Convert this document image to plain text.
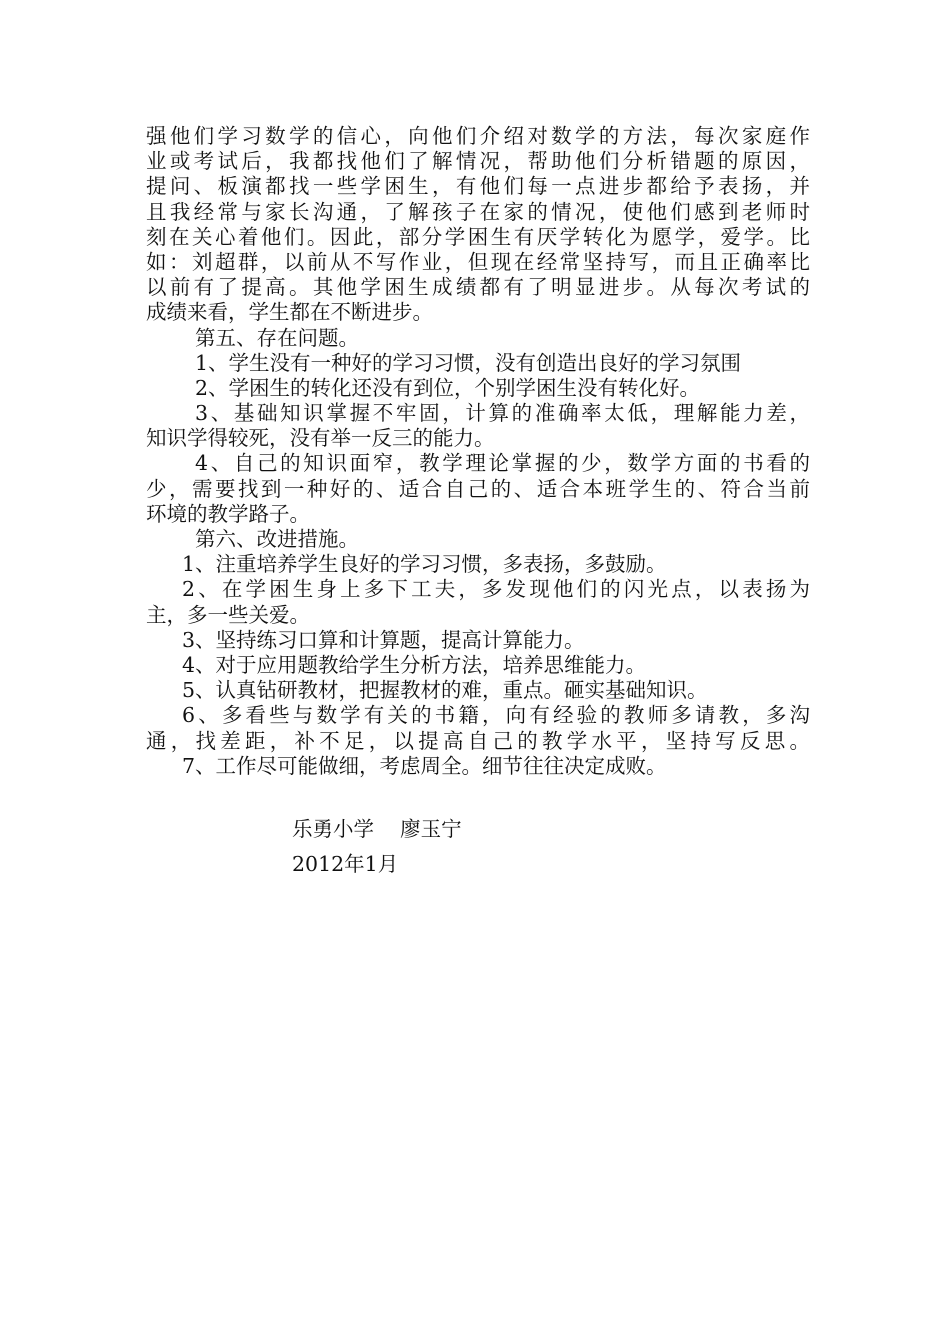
强他们学习数学的信心，向他们介绍对数学的方法，每次家庭作
业或考试后，我都找他们了解情况，帮助他们分析错题的原因，
提问、板演都找一些学困生，有他们每一点进步都给予表扬，并
且我经常与家长沟通，了解孩子在家的情况，使他们感到老师时
刻在关心着他们。因此，部分学困生有厌学转化为愿学，爱学。比
如：刘超群，以前从不写作业，但现在经常坚持写，而且正确率比
以前有了提高。其他学困生成绩都有了明显进步。从每次考试的
成绩来看，学生都在不断进步。
第五、存在问题。
1、学生没有一种好的学习习惯，没有创造出良好的学习氛围
2、学困生的转化还没有到位，个别学困生没有转化好。
3、基础知识掌握不牢固，计算的准确率太低，理解能力差，
知识学得较死，没有举一反三的能力。
4、自己的知识面窄，教学理论掌握的少，数学方面的书看的
少，需要找到一种好的、适合自己的、适合本班学生的、符合当前
环境的教学路子。
第六、改进措施。
1、注重培养学生良好的学习习惯，多表扬，多鼓励。
2、在学困生身上多下工夫，多发现他们的闪光点，以表扬为
主，多一些关爱。
3、坚持练习口算和计算题，提高计算能力。
4、对于应用题教给学生分析方法，培养思维能力。
5、认真钻研教材，把握教材的难，重点。砸实基础知识。
6、多看些与数学有关的书籍，向有经验的教师多请教，多沟
通，找差距，补不足，以提高自己的教学水平，坚持写反思。
7、工作尽可能做细，考虑周全。细节往往决定成败。
乐勇小学    廖玉宁
2012年1月
